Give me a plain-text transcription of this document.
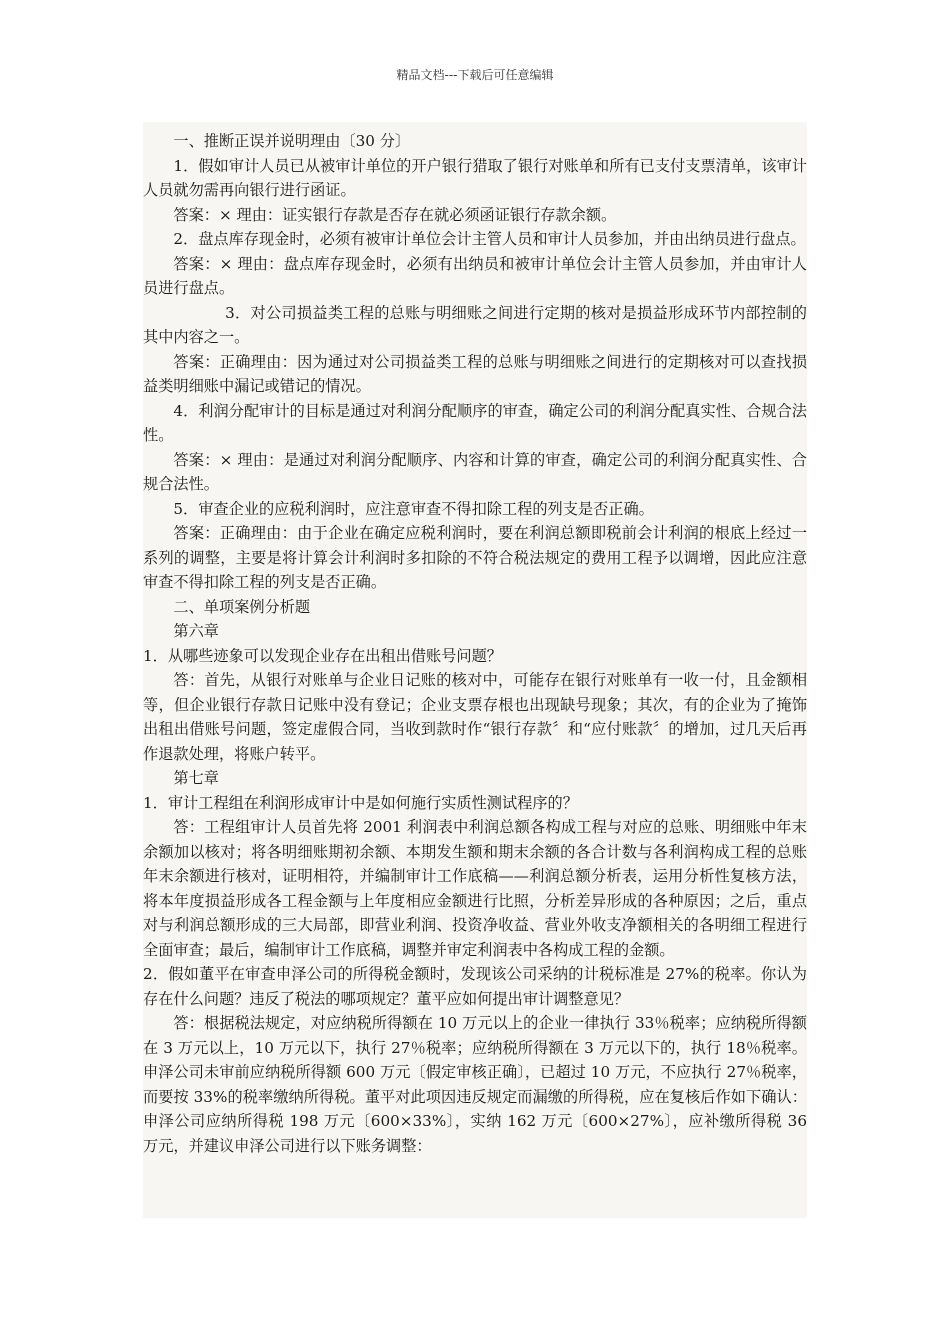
精品文档---下载后可任意编辑

一、推断正误并说明理由〔30 分〕

1．假如审计人员已从被审计单位的开户银行猎取了银行对账单和所有已支付支票清单，该审计人员就勿需再向银行进行函证。

答案：× 理由：证实银行存款是否存在就必须函证银行存款余额。

2．盘点库存现金时，必须有被审计单位会计主管人员和审计人员参加，并由出纳员进行盘点。

答案：× 理由：盘点库存现金时，必须有出纳员和被审计单位会计主管人员参加，并由审计人员进行盘点。

3．对公司损益类工程的总账与明细账之间进行定期的核对是损益形成环节内部控制的其中内容之一。

答案：正确理由：因为通过对公司损益类工程的总账与明细账之间进行的定期核对可以查找损益类明细账中漏记或错记的情况。

4．利润分配审计的目标是通过对利润分配顺序的审查，确定公司的利润分配真实性、合规合法性。

答案：× 理由：是通过对利润分配顺序、内容和计算的审查，确定公司的利润分配真实性、合规合法性。

5．审查企业的应税利润时，应注意审查不得扣除工程的列支是否正确。

答案：正确理由：由于企业在确定应税利润时，要在利润总额即税前会计利润的根底上经过一系列的调整，主要是将计算会计利润时多扣除的不符合税法规定的费用工程予以调增，因此应注意审查不得扣除工程的列支是否正确。

二、单项案例分析题

第六章

1．从哪些迹象可以发现企业存在出租出借账号问题？

答：首先，从银行对账单与企业日记账的核对中，可能存在银行对账单有一收一付，且金额相等，但企业银行存款日记账中没有登记；企业支票存根也出现缺号现象；其次，有的企业为了掩饰出租出借账号问题，签定虚假合同，当收到款时作“银行存款〞和“应付账款〞的增加，过几天后再作退款处理，将账户转平。

第七章

1．审计工程组在利润形成审计中是如何施行实质性测试程序的？

答：工程组审计人员首先将 2001 利润表中利润总额各构成工程与对应的总账、明细账中年末余额加以核对；将各明细账期初余额、本期发生额和期末余额的各合计数与各利润构成工程的总账年末余额进行核对，证明相符，并编制审计工作底稿——利润总额分析表，运用分析性复核方法，将本年度损益形成各工程金额与上年度相应金额进行比照，分析差异形成的各种原因；之后，重点对与利润总额形成的三大局部，即营业利润、投资净收益、营业外收支净额相关的各明细工程进行全面审查；最后，编制审计工作底稿，调整并审定利润表中各构成工程的金额。

2．假如董平在审查申泽公司的所得税金额时，发现该公司采纳的计税标准是 27%的税率。你认为存在什么问题？违反了税法的哪项规定？董平应如何提出审计调整意见？

答：根据税法规定，对应纳税所得额在 10 万元以上的企业一律执行 33％税率；应纳税所得额在 3 万元以上，10 万元以下，执行 27％税率；应纳税所得额在 3 万元以下的，执行 18％税率。申泽公司未审前应纳税所得额 600 万元〔假定审核正确〕，已超过 10 万元，不应执行 27％税率，而要按 33%的税率缴纳所得税。董平对此项因违反规定而漏缴的所得税，应在复核后作如下确认：申泽公司应纳所得税 198 万元〔600×33%〕，实纳 162 万元〔600×27%〕，应补缴所得税 36 万元，并建议申泽公司进行以下账务调整：
